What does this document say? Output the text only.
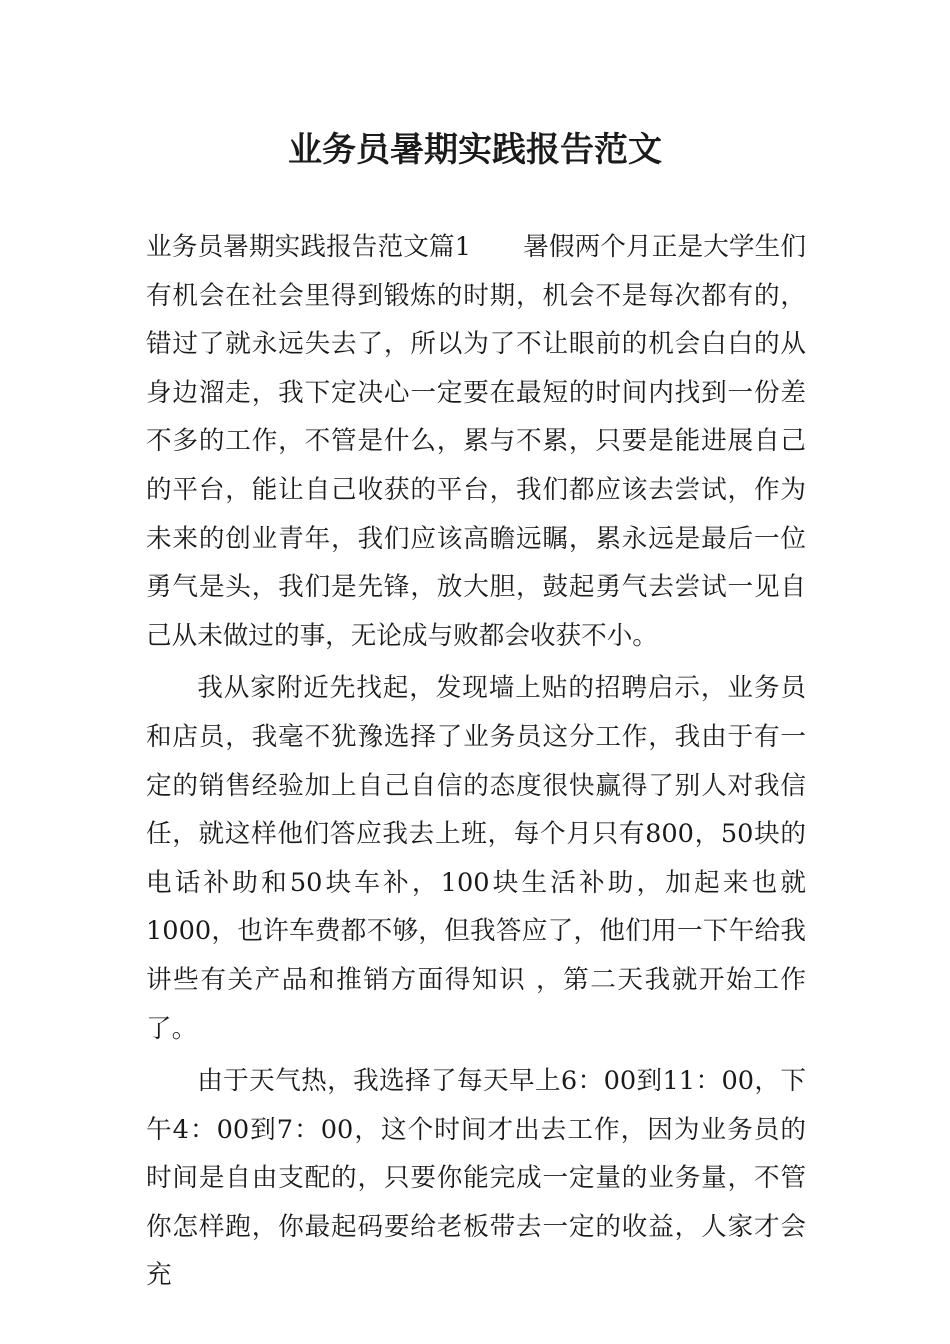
业务员暑期实践报告范文

业务员暑期实践报告范文篇1 暑假两个月正是大学生们有机会在社会里得到锻炼的时期，机会不是每次都有的，错过了就永远失去了，所以为了不让眼前的机会白白的从身边溜走，我下定决心一定要在最短的时间内找到一份差不多的工作，不管是什么，累与不累，只要是能进展自己的平台，能让自己收获的平台，我们都应该去尝试，作为未来的创业青年，我们应该高瞻远瞩，累永远是最后一位勇气是头，我们是先锋，放大胆，鼓起勇气去尝试一见自己从未做过的事，无论成与败都会收获不小。

我从家附近先找起，发现墙上贴的招聘启示，业务员和店员，我毫不犹豫选择了业务员这分工作，我由于有一定的销售经验加上自己自信的态度很快赢得了别人对我信任，就这样他们答应我去上班，每个月只有800，50块的电话补助和50块车补，100块生活补助，加起来也就1000，也许车费都不够，但我答应了，他们用一下午给我讲些有关产品和推销方面得知识 ，第二天我就开始工作了。

由于天气热，我选择了每天早上6：00到11：00，下午4：00到7：00，这个时间才出去工作，因为业务员的时间是自由支配的，只要你能完成一定量的业务量，不管你怎样跑，你最起码要给老板带去一定的收益，人家才会充
